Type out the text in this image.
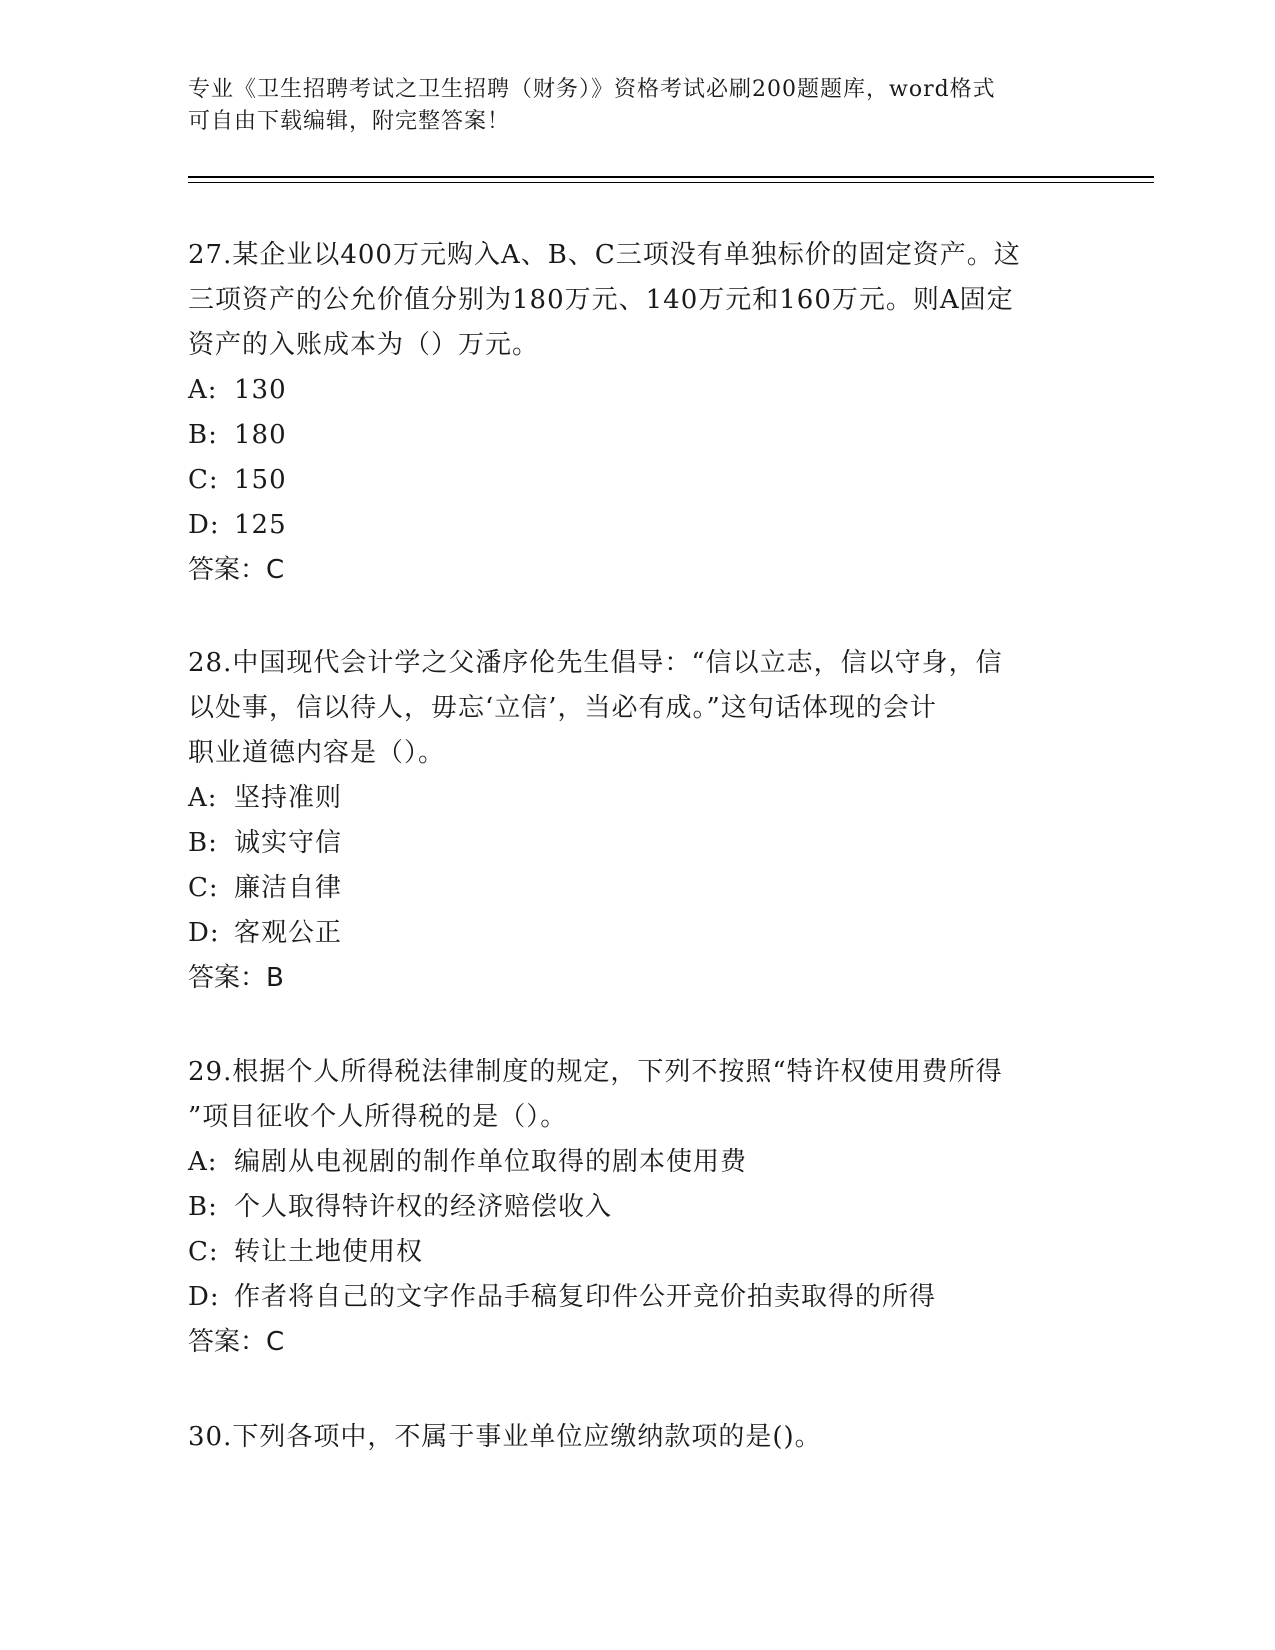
专业《卫生招聘考试之卫生招聘（财务）》资格考试必刷200题题库，word格式
可自由下载编辑，附完整答案！
27.某企业以400万元购入A、B、C三项没有单独标价的固定资产。这
三项资产的公允价值分别为180万元、140万元和160万元。则A固定
资产的入账成本为（）万元。
A: 130
B: 180
C: 150
D: 125
答案：C
28.中国现代会计学之父潘序伦先生倡导：“信以立志，信以守身，信
以处事，信以待人，毋忘‘立信’，当必有成。”这句话体现的会计
职业道德内容是（）。
A: 坚持准则
B: 诚实守信
C: 廉洁自律
D: 客观公正
答案：B
29.根据个人所得税法律制度的规定，下列不按照“特许权使用费所得
”项目征收个人所得税的是（）。
A: 编剧从电视剧的制作单位取得的剧本使用费
B: 个人取得特许权的经济赔偿收入
C: 转让土地使用权
D: 作者将自己的文字作品手稿复印件公开竞价拍卖取得的所得
答案：C
30.下列各项中，不属于事业单位应缴纳款项的是()。
